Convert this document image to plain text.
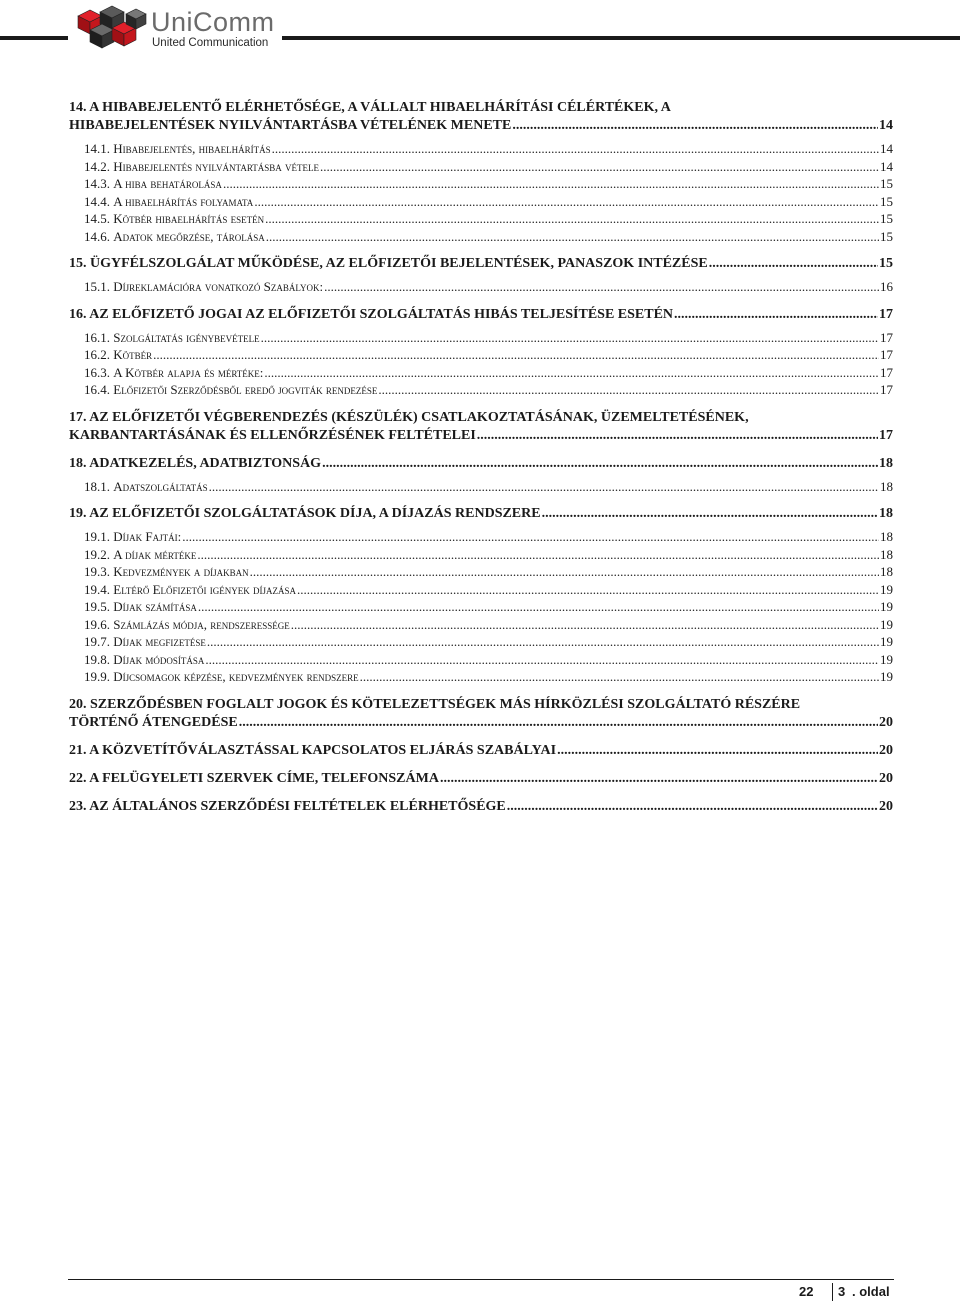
UniComm
United Communication
14. A HIBABEJELENTŐ ELÉRHETŐSÉGE, A VÁLLALT HIBAELHÁRÍTÁSI CÉLÉRTÉKEK, A
HIBABEJELENTÉSEK NYILVÁNTARTÁSBA VÉTELÉNEK MENETE .....	14
14.1. Hibabejelentés, hibaelhárítás .....	14
14.2. Hibabejelentés nyilvántartásba vétele .....	14
14.3. A hiba behatárolása .....	15
14.4. A hibaelhárítás folyamata .....	15
14.5. Kötbér hibaelhárítás esetén .....	15
14.6. Adatok megőrzése, tárolása .....	15
15. ÜGYFÉLSZOLGÁLAT MŰKÖDÉSE, AZ ELŐFIZETŐI BEJELENTÉSEK, PANASZOK INTÉZÉSE .....	15
15.1. Díjreklamációra vonatkozó Szabályok: .....	16
16. AZ ELŐFIZETŐ JOGAI AZ ELŐFIZETŐI SZOLGÁLTATÁS HIBÁS TELJESÍTÉSE ESETÉN .....	17
16.1. Szolgáltatás igénybevétele .....	17
16.2. Kötbér .....	17
16.3. A Kötbér alapja és mértéke: .....	17
16.4. Előfizetői Szerződésből eredő jogviták rendezése .....	17
17. AZ ELŐFIZETŐI VÉGBERENDEZÉS (KÉSZÜLÉK) CSATLAKOZTATÁSÁNAK, ÜZEMELTETÉSÉNEK,
KARBANTARTÁSÁNAK ÉS ELLENŐRZÉSÉNEK FELTÉTELEI .....	17
18. ADATKEZELÉS, ADATBIZTONSÁG .....	18
18.1. Adatszolgáltatás .....	18
19. AZ ELŐFIZETŐI SZOLGÁLTATÁSOK DÍJA, A DÍJAZÁS RENDSZERE .....	18
19.1. Díjak Fajtái: .....	18
19.2. A díjak mértéke .....	18
19.3. Kedvezmények a díjakban .....	18
19.4. Eltérő Előfizetői igények díjazása .....	19
19.5. Díjak számítása .....	19
19.6. Számlázás módja, rendszeressége .....	19
19.7. Díjak megfizetése .....	19
19.8. Díjak módosítása .....	19
19.9. Díjcsomagok képzése, kedvezmények rendszere .....	19
20. SZERZŐDÉSBEN FOGLALT JOGOK ÉS KÖTELEZETTSÉGEK MÁS HÍRKÖZLÉSI SZOLGÁLTATÓ RÉSZÉRE
TÖRTÉNŐ ÁTENGEDÉSE .....	20
21. A KÖZVETÍTŐVÁLASZTÁSSAL KAPCSOLATOS ELJÁRÁS SZABÁLYAI .....	20
22. A FELÜGYELETI SZERVEK CÍME, TELEFONSZÁMA .....	20
23. AZ ÁLTALÁNOS SZERZŐDÉSI FELTÉTELEK ELÉRHETŐSÉGE .....	20
22 3 . oldal
